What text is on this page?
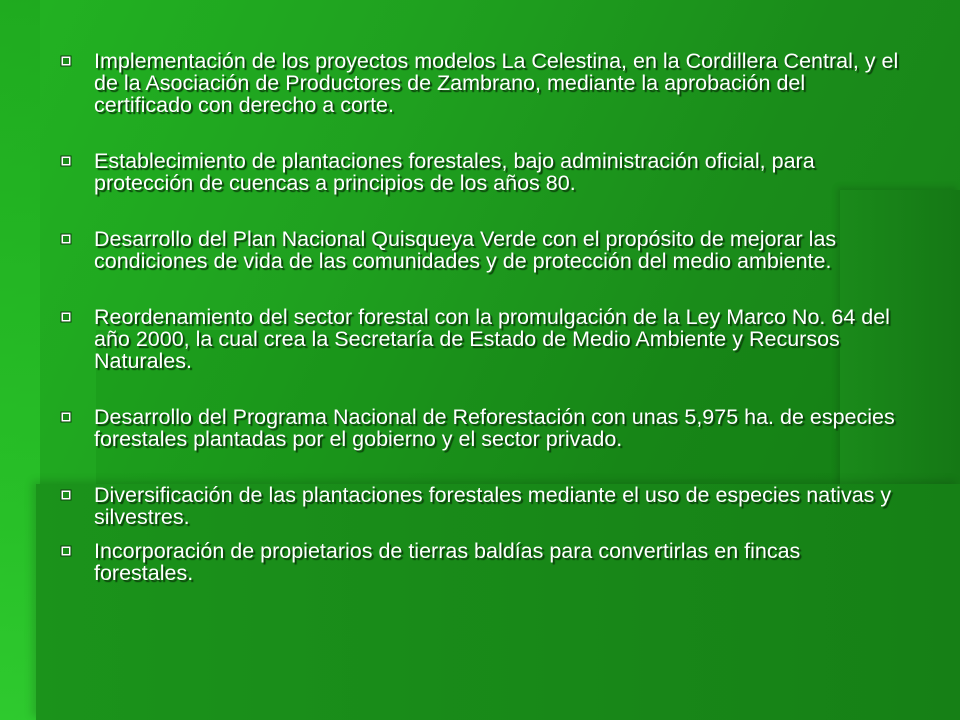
Implementación de los proyectos modelos La Celestina, en la Cordillera Central, y el de la Asociación de Productores de Zambrano, mediante la aprobación del certificado con derecho a corte.
Establecimiento de plantaciones forestales, bajo administración oficial, para protección de cuencas a principios de los años 80.
Desarrollo del Plan Nacional Quisqueya Verde con el propósito de mejorar las condiciones de vida de las comunidades y de protección del medio ambiente.
Reordenamiento del sector forestal con la promulgación de la Ley Marco No. 64 del año 2000, la cual crea la Secretaría de Estado de Medio Ambiente y Recursos Naturales.
Desarrollo del Programa Nacional de Reforestación con unas 5,975 ha. de especies forestales plantadas por el gobierno y el sector privado.
Diversificación de las plantaciones forestales mediante el uso de especies nativas y silvestres.
Incorporación de propietarios de tierras baldías para convertirlas en fincas forestales.
